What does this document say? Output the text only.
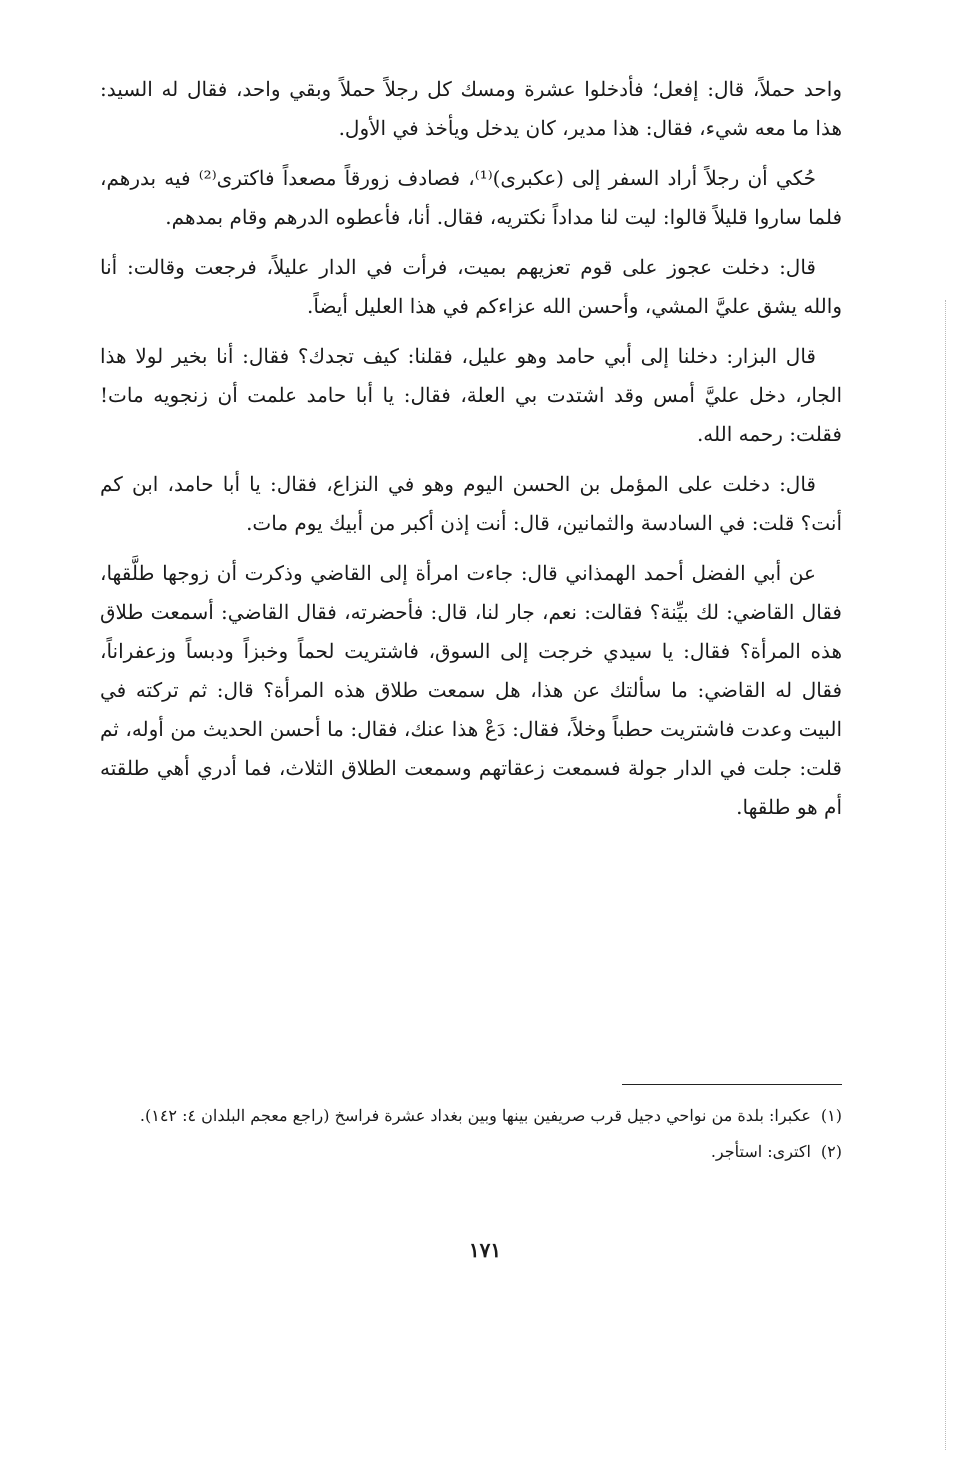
واحد حملاً، قال: إفعل؛ فأدخلوا عشرة ومسك كل رجلاً حملاً وبقي واحد، فقال له السيد: هذا ما معه شيء، فقال: هذا مدير، كان يدخل ويأخذ في الأول.

حُكي أن رجلاً أراد السفر إلى (عكبرى)⁽¹⁾، فصادف زورقاً مصعداً فاكترى⁽²⁾ فيه بدرهم، فلما ساروا قليلاً قالوا: ليت لنا مداداً نكتريه، فقال. أنا، فأعطوه الدرهم وقام بمدهم.

قال: دخلت عجوز على قوم تعزيهم بميت، فرأت في الدار عليلاً، فرجعت وقالت: أنا والله يشق عليَّ المشي، وأحسن الله عزاءكم في هذا العليل أيضاً.

قال البزار: دخلنا إلى أبي حامد وهو عليل، فقلنا: كيف تجدك؟ فقال: أنا بخير لولا هذا الجار، دخل عليَّ أمس وقد اشتدت بي العلة، فقال: يا أبا حامد علمت أن زنجويه مات! فقلت: رحمه الله.

قال: دخلت على المؤمل بن الحسن اليوم وهو في النزاع، فقال: يا أبا حامد، ابن كم أنت؟ قلت: في السادسة والثمانين، قال: أنت إذن أكبر من أبيك يوم مات.

عن أبي الفضل أحمد الهمذاني قال: جاءت امرأة إلى القاضي وذكرت أن زوجها طلَّقها، فقال القاضي: لك بيِّنة؟ فقالت: نعم، جار لنا، قال: فأحضرته، فقال القاضي: أسمعت طلاق هذه المرأة؟ فقال: يا سيدي خرجت إلى السوق، فاشتريت لحماً وخبزاً ودبساً وزعفراناً، فقال له القاضي: ما سألتك عن هذا، هل سمعت طلاق هذه المرأة؟ قال: ثم تركته في البيت وعدت فاشتريت حطباً وخلاً، فقال: دَعْ هذا عنك، فقال: ما أحسن الحديث من أوله، ثم قلت: جلت في الدار جولة فسمعت زعقاتهم وسمعت الطلاق الثلاث، فما أدري أهي طلقته أم هو طلقها.

(١)
عكبرا: بلدة من نواحي دجيل قرب صريفين بينها وبين بغداد عشرة فراسخ (راجع معجم البلدان ٤: ١٤٢).
(٢)
اكترى: استأجر.
١٧١
